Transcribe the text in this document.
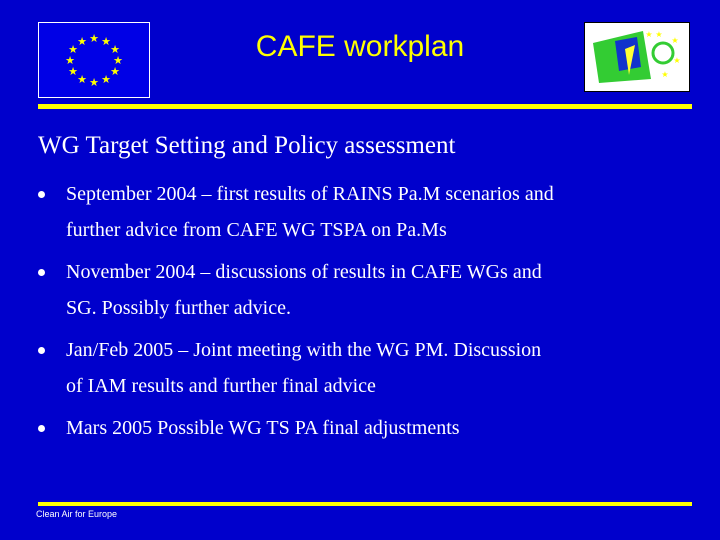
★ ★
★
★
★
★
★
★
★
★
★
★	CAFE workplan	★
★
★
★
★
WG Target Setting and Policy assessment
September 2004 – first results of RAINS Pa.M scenarios and
further advice from CAFE WG TSPA on Pa.Ms
November 2004 – discussions of results in CAFE WGs and
SG. Possibly further advice.
Jan/Feb 2005 – Joint meeting with the WG PM. Discussion
of IAM results and further final advice
Mars 2005 Possible WG TS PA final adjustments
Clean Air for Europe
